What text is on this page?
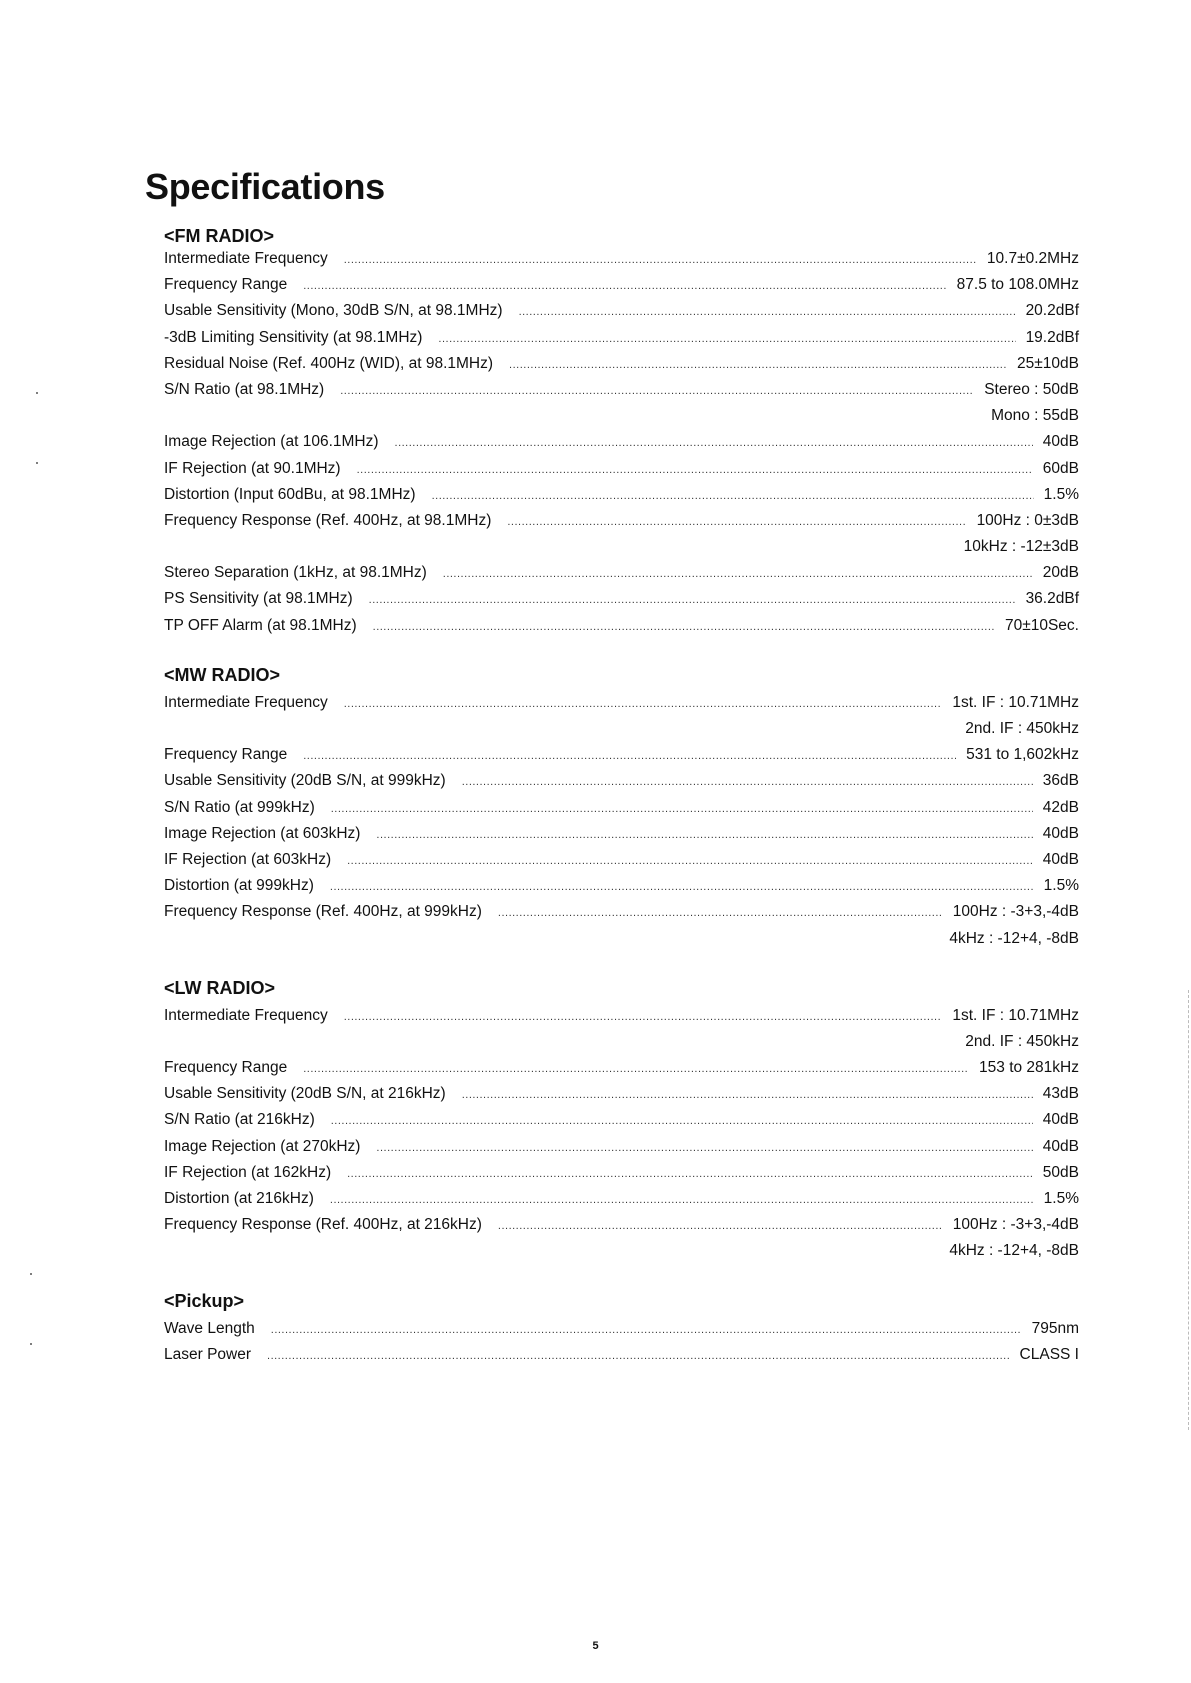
Specifications
<FM RADIO>
Intermediate Frequency .....	10.7±0.2MHz
Frequency Range .....	87.5 to 108.0MHz
Usable Sensitivity (Mono, 30dB S/N, at 98.1MHz) .....	20.2dBf
-3dB Limiting Sensitivity (at 98.1MHz) .....	19.2dBf
Residual Noise (Ref. 400Hz (WID), at 98.1MHz) .....	25±10dB
S/N Ratio (at 98.1MHz) .....	Stereo : 50dB
Mono : 55dB
Image Rejection (at 106.1MHz) .....	40dB
IF Rejection (at 90.1MHz) .....	60dB
Distortion (Input 60dBu, at 98.1MHz) .....	1.5%
Frequency Response (Ref. 400Hz, at 98.1MHz) .....	100Hz : 0±3dB
10kHz : -12±3dB
Stereo Separation (1kHz, at 98.1MHz) .....	20dB
PS Sensitivity (at 98.1MHz) .....	36.2dBf
TP OFF Alarm (at 98.1MHz) .....	70±10Sec.
<MW RADIO>
Intermediate Frequency .....	1st. IF : 10.71MHz
2nd. IF : 450kHz
Frequency Range .....	531 to 1,602kHz
Usable Sensitivity (20dB S/N, at 999kHz) .....	36dB
S/N Ratio (at 999kHz) .....	42dB
Image Rejection (at 603kHz) .....	40dB
IF Rejection (at 603kHz) .....	40dB
Distortion (at 999kHz) .....	1.5%
Frequency Response (Ref. 400Hz, at 999kHz) .....	100Hz : -3+3,-4dB
4kHz : -12+4, -8dB
<LW RADIO>
Intermediate Frequency .....	1st. IF : 10.71MHz
2nd. IF : 450kHz
Frequency Range .....	153 to 281kHz
Usable Sensitivity (20dB S/N, at 216kHz) .....	43dB
S/N Ratio (at 216kHz) .....	40dB
Image Rejection (at 270kHz) .....	40dB
IF Rejection (at 162kHz) .....	50dB
Distortion (at 216kHz) .....	1.5%
Frequency Response (Ref. 400Hz, at 216kHz) .....	100Hz : -3+3,-4dB
4kHz : -12+4, -8dB
<Pickup>
Wave Length .....	795nm
Laser Power .....	CLASS I
5
